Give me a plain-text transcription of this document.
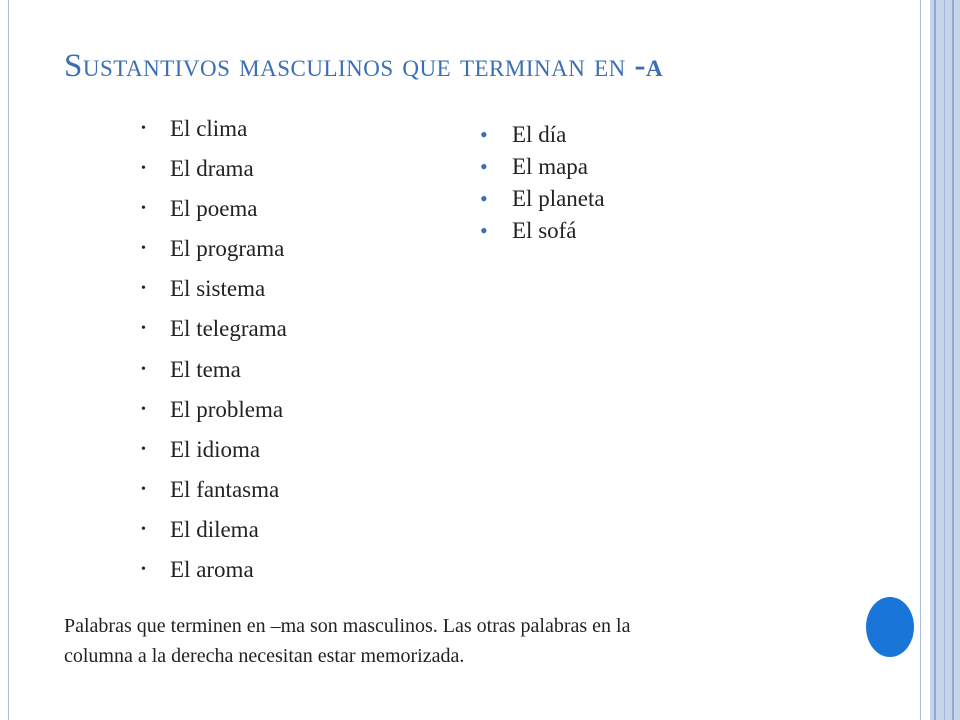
Sustantivos masculinos que terminan en -a
• El clima
• El drama
• El poema
• El programa
• El sistema
• El telegrama
• El tema
• El problema
• El idioma
• El fantasma
• El dilema
• El aroma
• El día
• El mapa
• El planeta
• El sofá
Palabras que terminen en –ma son masculinos. Las otras palabras en la
columna a la derecha necesitan estar memorizada.
